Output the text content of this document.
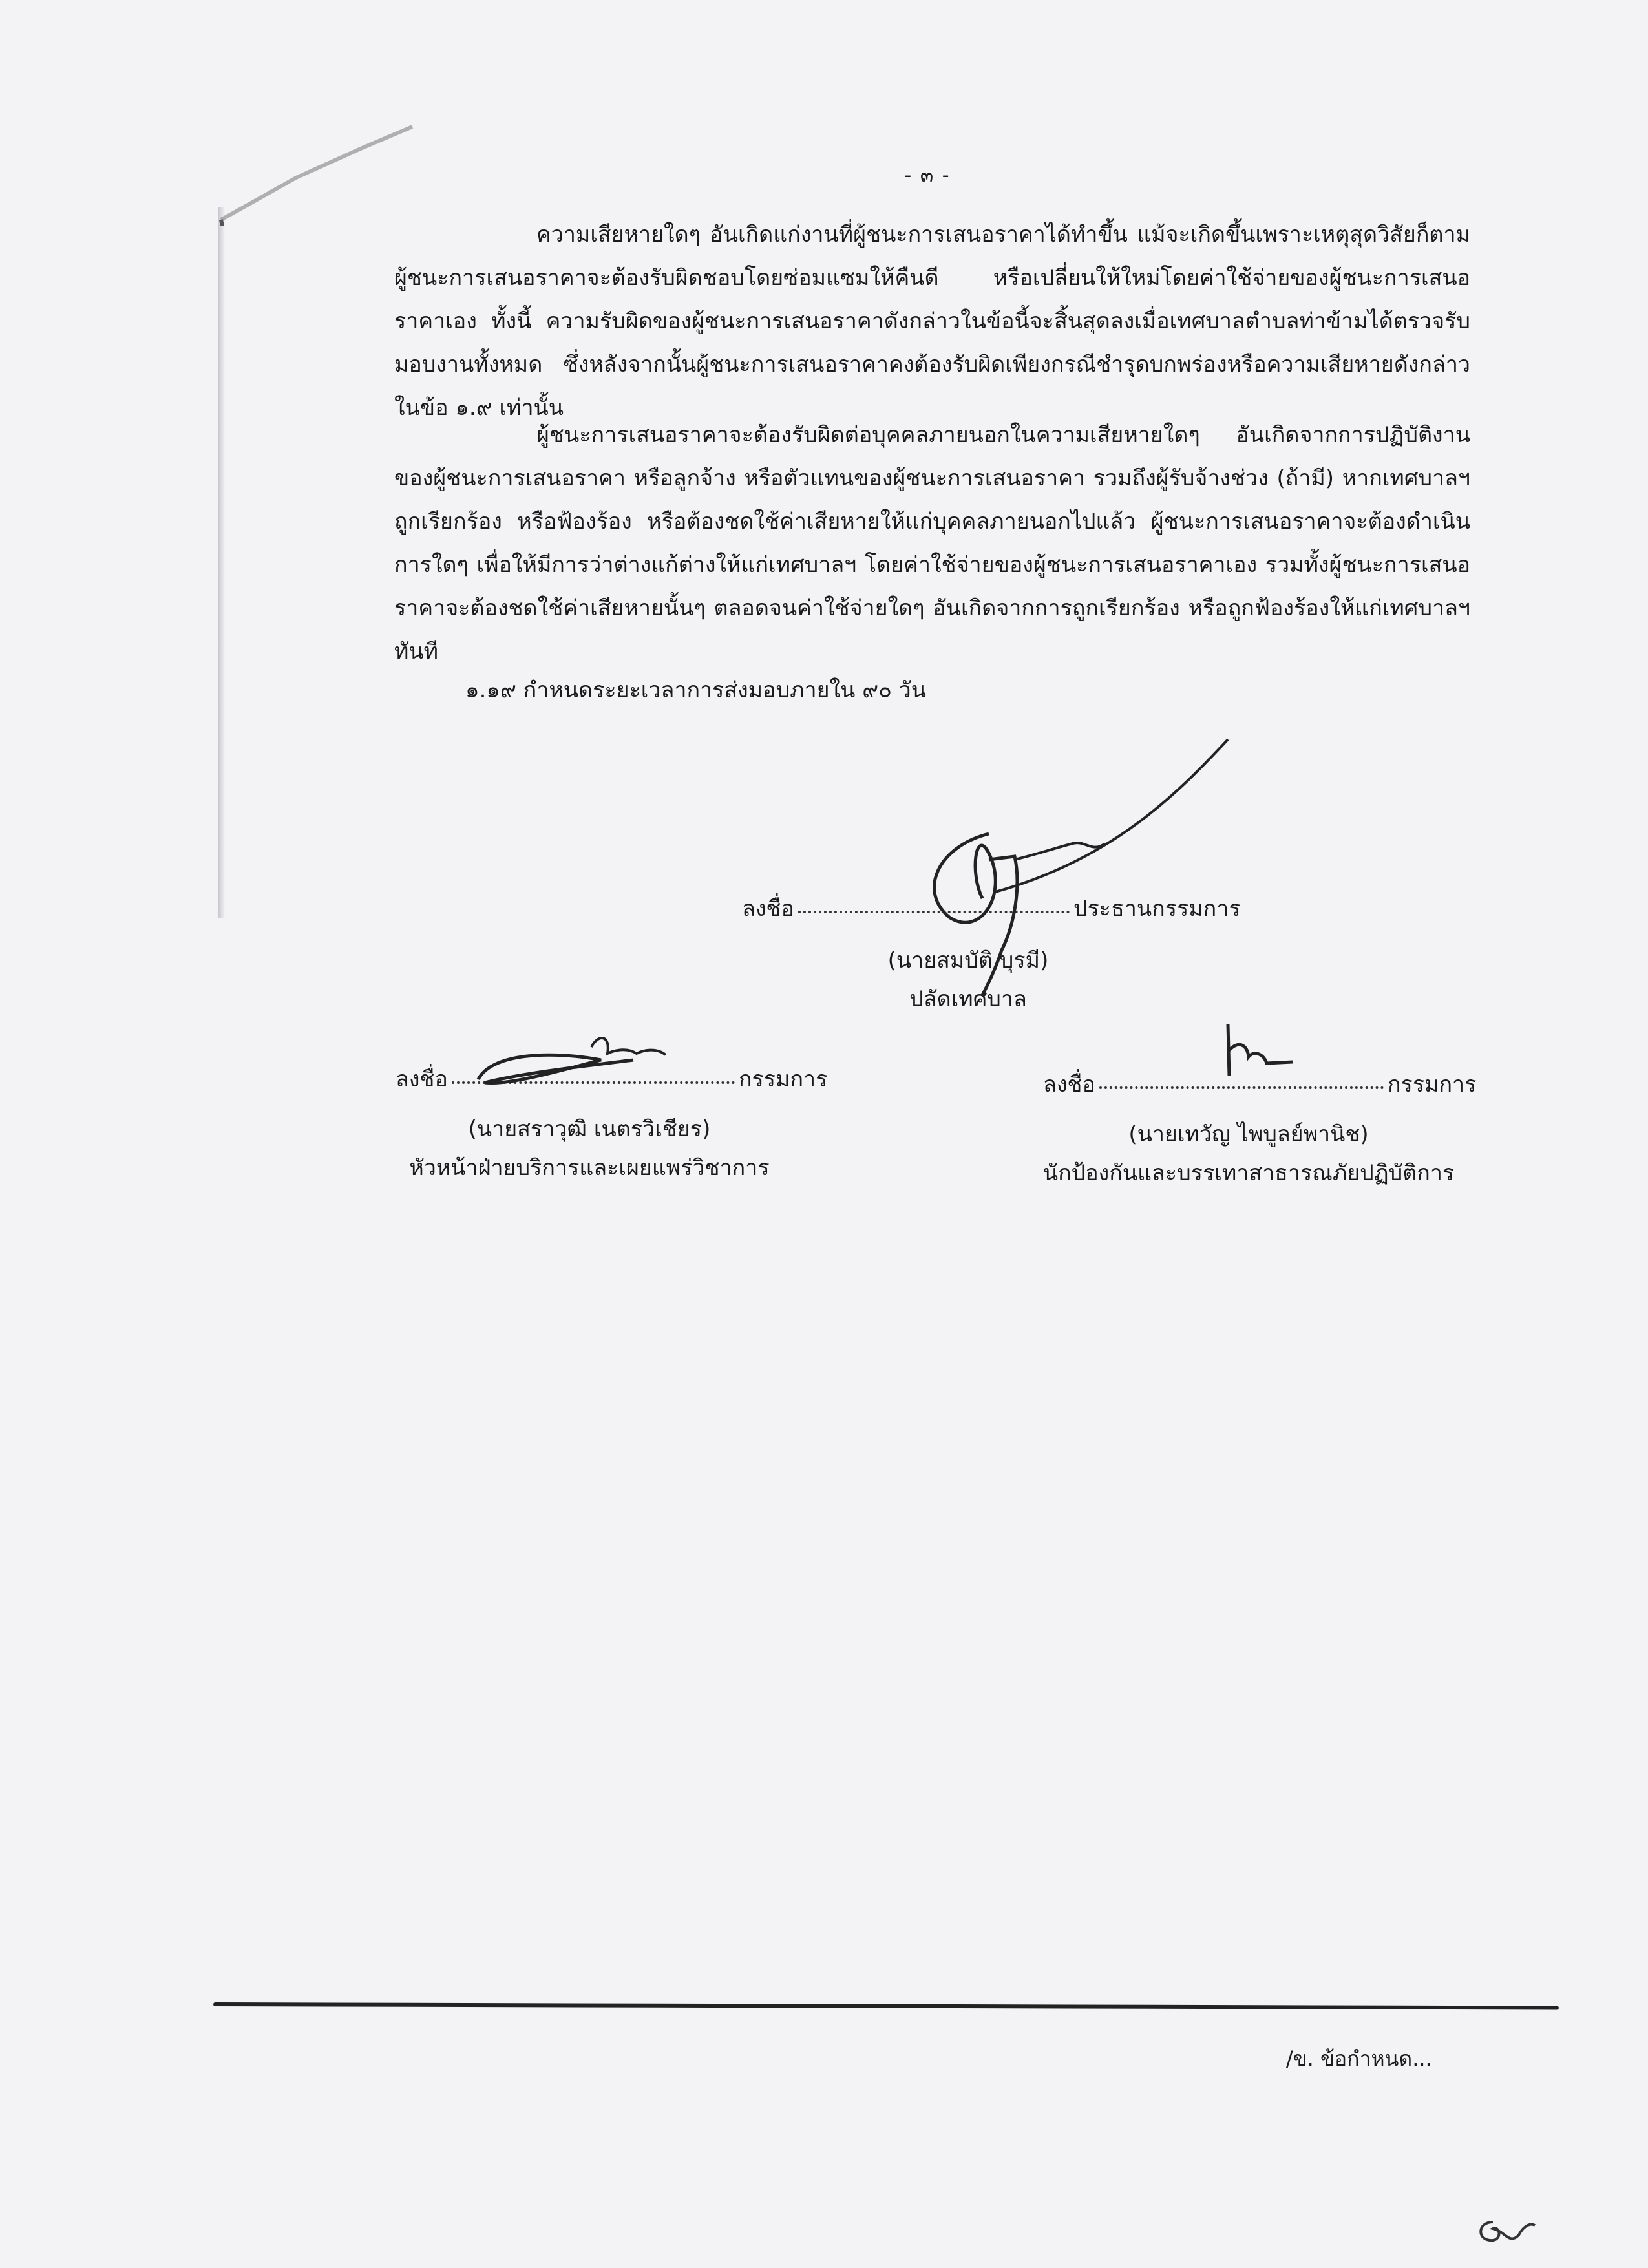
- ๓ -

ความเสียหายใดๆ อันเกิดแก่งานที่ผู้ชนะการเสนอราคาได้ทำขึ้น แม้จะเกิดขึ้นเพราะเหตุสุดวิสัยก็ตาม ผู้ชนะการเสนอราคาจะต้องรับผิดชอบโดยซ่อมแซมให้คืนดี หรือเปลี่ยนให้ใหม่โดยค่าใช้จ่ายของผู้ชนะการเสนอราคาเอง ทั้งนี้ ความรับผิดของผู้ชนะการเสนอราคาดังกล่าวในข้อนี้จะสิ้นสุดลงเมื่อเทศบาลตำบลท่าข้ามได้ตรวจรับมอบงานทั้งหมด ซึ่งหลังจากนั้นผู้ชนะการเสนอราคาคงต้องรับผิดเพียงกรณีชำรุดบกพร่องหรือความเสียหายดังกล่าวในข้อ ๑.๙ เท่านั้น

ผู้ชนะการเสนอราคาจะต้องรับผิดต่อบุคคลภายนอกในความเสียหายใดๆ อันเกิดจากการปฏิบัติงานของผู้ชนะการเสนอราคา หรือลูกจ้าง หรือตัวแทนของผู้ชนะการเสนอราคา รวมถึงผู้รับจ้างช่วง (ถ้ามี) หากเทศบาลฯ ถูกเรียกร้อง หรือฟ้องร้อง หรือต้องชดใช้ค่าเสียหายให้แก่บุคคลภายนอกไปแล้ว ผู้ชนะการเสนอราคาจะต้องดำเนินการใดๆ เพื่อให้มีการว่าต่างแก้ต่างให้แก่เทศบาลฯ โดยค่าใช้จ่ายของผู้ชนะการเสนอราคาเอง รวมทั้งผู้ชนะการเสนอราคาจะต้องชดใช้ค่าเสียหายนั้นๆ ตลอดจนค่าใช้จ่ายใดๆ อันเกิดจากการถูกเรียกร้อง หรือถูกฟ้องร้องให้แก่เทศบาลฯ ทันที

๑.๑๙ กำหนดระยะเวลาการส่งมอบภายใน ๙๐ วัน
ลงชื่อ	ประธานกรรมการ
(นายสมบัติ บุรมี)
ปลัดเทศบาล
ลงชื่อ	กรรมการ
(นายสราวุฒิ เนตรวิเชียร)
หัวหน้าฝ่ายบริการและเผยแพร่วิชาการ
ลงชื่อ	กรรมการ
(นายเทวัญ ไพบูลย์พานิช)
นักป้องกันและบรรเทาสาธารณภัยปฏิบัติการ
/ข. ข้อกำหนด...
